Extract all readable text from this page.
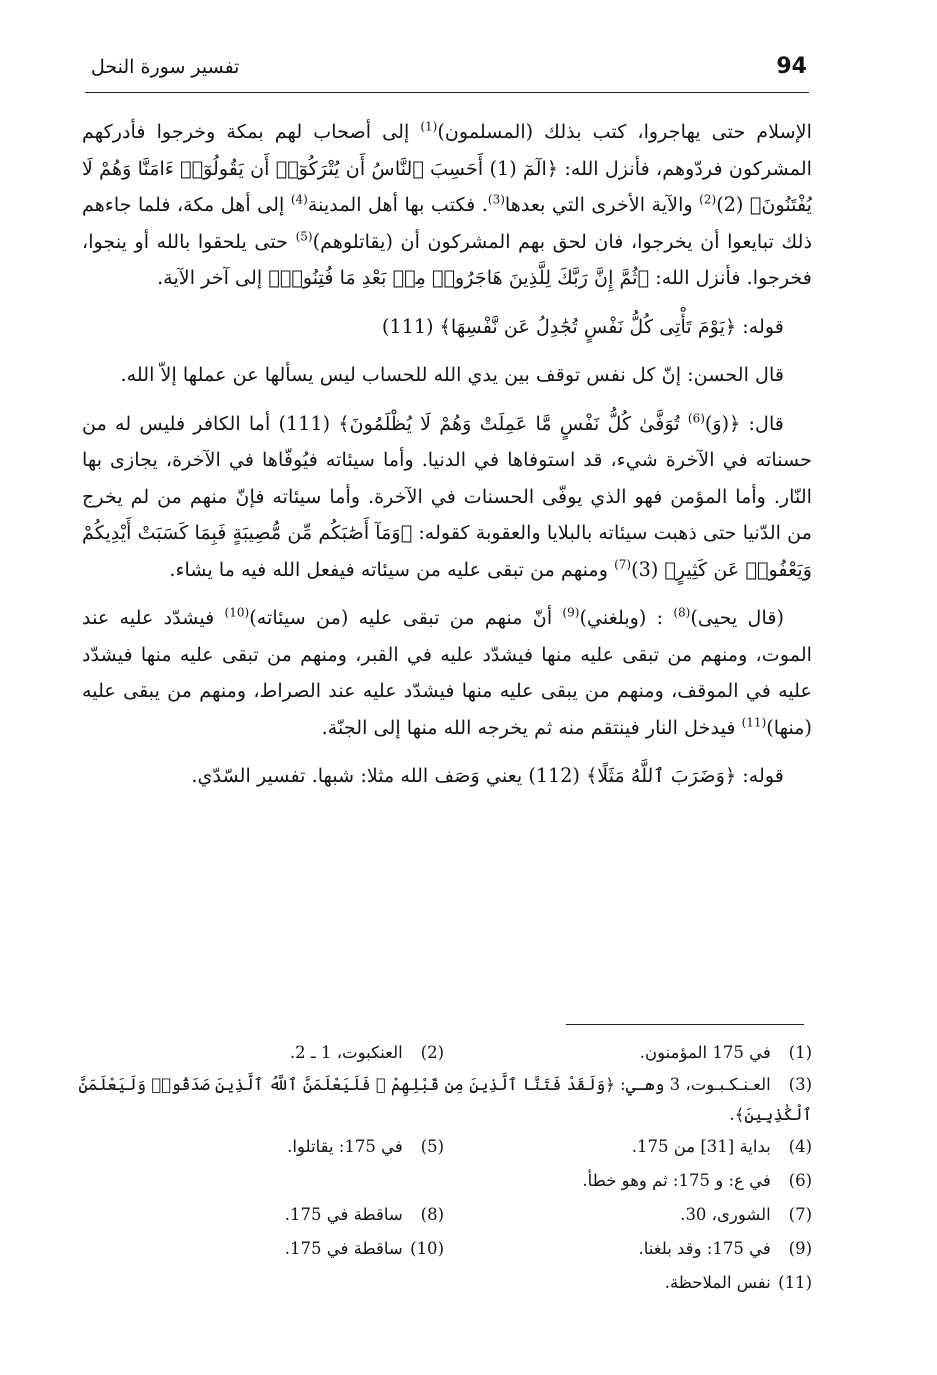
94
تفسير سورة النحل

الإسلام حتى يهاجروا، كتب بذلك (المسلمون)$^{(1)}$ إلى أصحاب لهم بمكة وخرجوا فأدركهم المشركون فردّوهم، فأنزل الله: ﴿الٓمٓ (1) أَحَسِبَ ٱلنَّاسُ أَن يُتْرَكُوٓا۟ أَن يَقُولُوٓا۟ ءَامَنَّا وَهُمْ لَا يُفْتَنُونَ﴾ $(2)^{(2)}$ والآية الأخرى التي بعدها$^{(3)}$. فكتب بها أهل المدينة$^{(4)}$ إلى أهل مكة، فلما جاءهم ذلك تبايعوا أن يخرجوا، فان لحق بهم المشركون أن (يقاتلوهم)$^{(5)}$ حتى يلحقوا بالله أو ينجوا، فخرجوا. فأنزل الله: ﴿ثُمَّ إِنَّ رَبَّكَ لِلَّذِينَ هَاجَرُوا۟ مِنۢ بَعْدِ مَا فُتِنُوا۟﴾ إلى آخر الآية.

قوله: ﴿يَوْمَ تَأْتِى كُلُّ نَفْسٍ تُجَٰدِلُ عَن نَّفْسِهَا﴾ (111)

قال الحسن: إنّ كل نفس توقف بين يدي الله للحساب ليس يسألها عن عملها إلاّ الله.

قال: ﴿(وَ)$^{(6)}$ تُوَفَّىٰ كُلُّ نَفْسٍ مَّا عَمِلَتْ وَهُمْ لَا يُظْلَمُونَ﴾ (111) أما الكافر فليس له من حسناته في الآخرة شيء، قد استوفاها في الدنيا. وأما سيئاته فيُوفّاها في الآخرة، يجازى بها النّار. وأما المؤمن فهو الذي يوفّى الحسنات في الآخرة. وأما سيئاته فإنّ منهم من لم يخرج من الدّنيا حتى ذهبت سيئاته بالبلايا والعقوبة كقوله: ﴿وَمَآ أَصَٰبَكُم مِّن مُّصِيبَةٍ فَبِمَا كَسَبَتْ أَيْدِيكُمْ وَيَعْفُوا۟ عَن كَثِيرٍ﴾ $(3)^{(7)}$ ومنهم من تبقى عليه من سيئاته فيفعل الله فيه ما يشاء.

(قال يحيى)$^{(8)}$ : (وبلغني)$^{(9)}$ أنّ منهم من تبقى عليه (من سيئاته)$^{(10)}$ فيشدّد عليه عند الموت، ومنهم من تبقى عليه منها فيشدّد عليه في القبر، ومنهم من تبقى عليه منها فيشدّد عليه في الموقف، ومنهم من يبقى عليه منها فيشدّد عليه عند الصراط، ومنهم من يبقى عليه (منها)$^{(11)}$ فيدخل النار فينتقم منه ثم يخرجه الله منها إلى الجنّة.

قوله: ﴿وَضَرَبَ ٱللَّهُ مَثَلًا﴾ (112) يعني وَصَف الله مثلا: شبها. تفسير السّدّي.

(1) في 175 المؤمنون.
(2) العنكبوت، 1 ـ 2.
(3) العـنـكـبـوت، 3 وهـي: ﴿وَلَقَدْ فَتَنَّا ٱلَّذِينَ مِن قَبْلِهِمْ ۖ فَلَيَعْلَمَنَّ ٱللَّهُ ٱلَّذِينَ صَدَقُوا۟ وَلَيَعْلَمَنَّ ٱلْكَٰذِبِينَ﴾.
(4) بداية [31] من 175.
(5) في 175: يقاتلوا.
(6) في ع: و 175: ثم وهو خطأ.
(7) الشورى، 30.
(8) ساقطة في 175.
(9) في 175: وقد بلغنا.
(10) ساقطة في 175.
(11) نفس الملاحظة.
